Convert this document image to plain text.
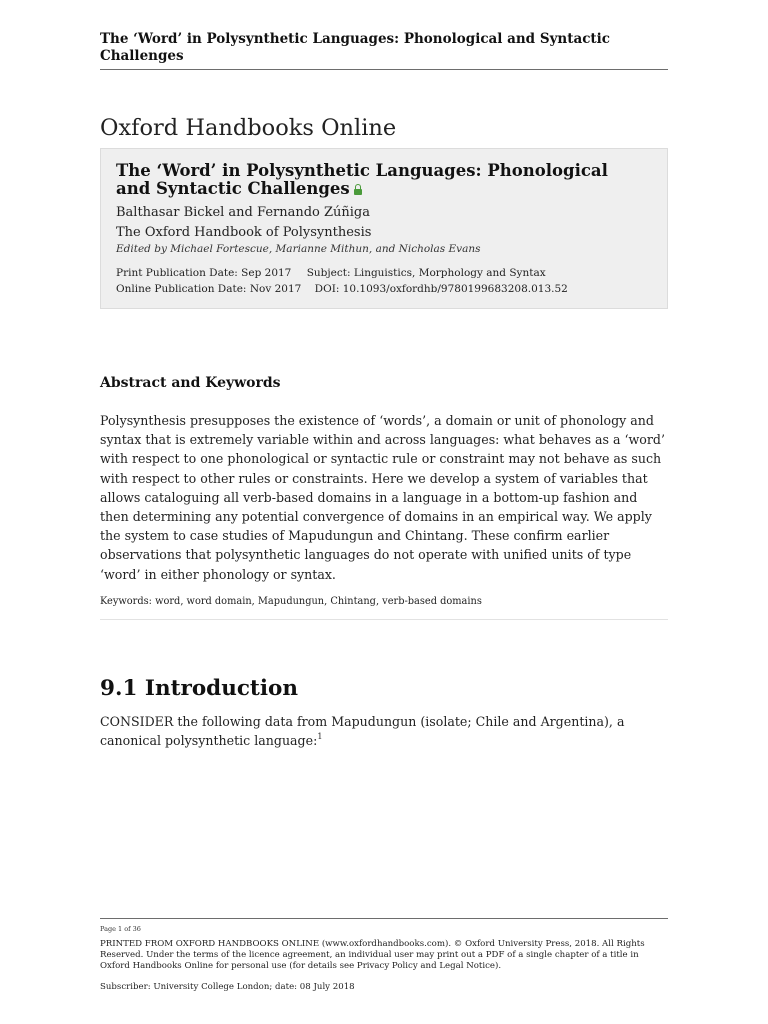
The ‘Word’ in Polysynthetic Languages: Phonological and Syntactic Challenges
Oxford Handbooks Online
The ‘Word’ in Polysynthetic Languages: Phonological and Syntactic Challenges
Balthasar Bickel and Fernando Zúñiga
The Oxford Handbook of Polysynthesis
Edited by Michael Fortescue, Marianne Mithun, and Nicholas Evans
Print Publication Date: Sep 2017 Subject: Linguistics, Morphology and Syntax
Online Publication Date: Nov 2017 DOI: 10.1093/oxfordhb/9780199683208.013.52
Abstract and Keywords
Polysynthesis presupposes the existence of ‘words’, a domain or unit of phonology and syntax that is extremely variable within and across languages: what behaves as a ‘word’ with respect to one phonological or syntactic rule or constraint may not behave as such with respect to other rules or constraints. Here we develop a system of variables that allows cataloguing all verb-based domains in a language in a bottom-up fashion and then determining any potential convergence of domains in an empirical way. We apply the system to case studies of Mapudungun and Chintang. These confirm earlier observations that polysynthetic languages do not operate with unified units of type ‘word’ in either phonology or syntax.
Keywords: word, word domain, Mapudungun, Chintang, verb-based domains
9.1 Introduction
CONSIDER the following data from Mapudungun (isolate; Chile and Argentina), a canonical polysynthetic language:$^1$
Page 1 of 36
PRINTED FROM OXFORD HANDBOOKS ONLINE (www.oxfordhandbooks.com). © Oxford University Press, 2018. All Rights Reserved. Under the terms of the licence agreement, an individual user may print out a PDF of a single chapter of a title in Oxford Handbooks Online for personal use (for details see Privacy Policy and Legal Notice).
Subscriber: University College London; date: 08 July 2018
